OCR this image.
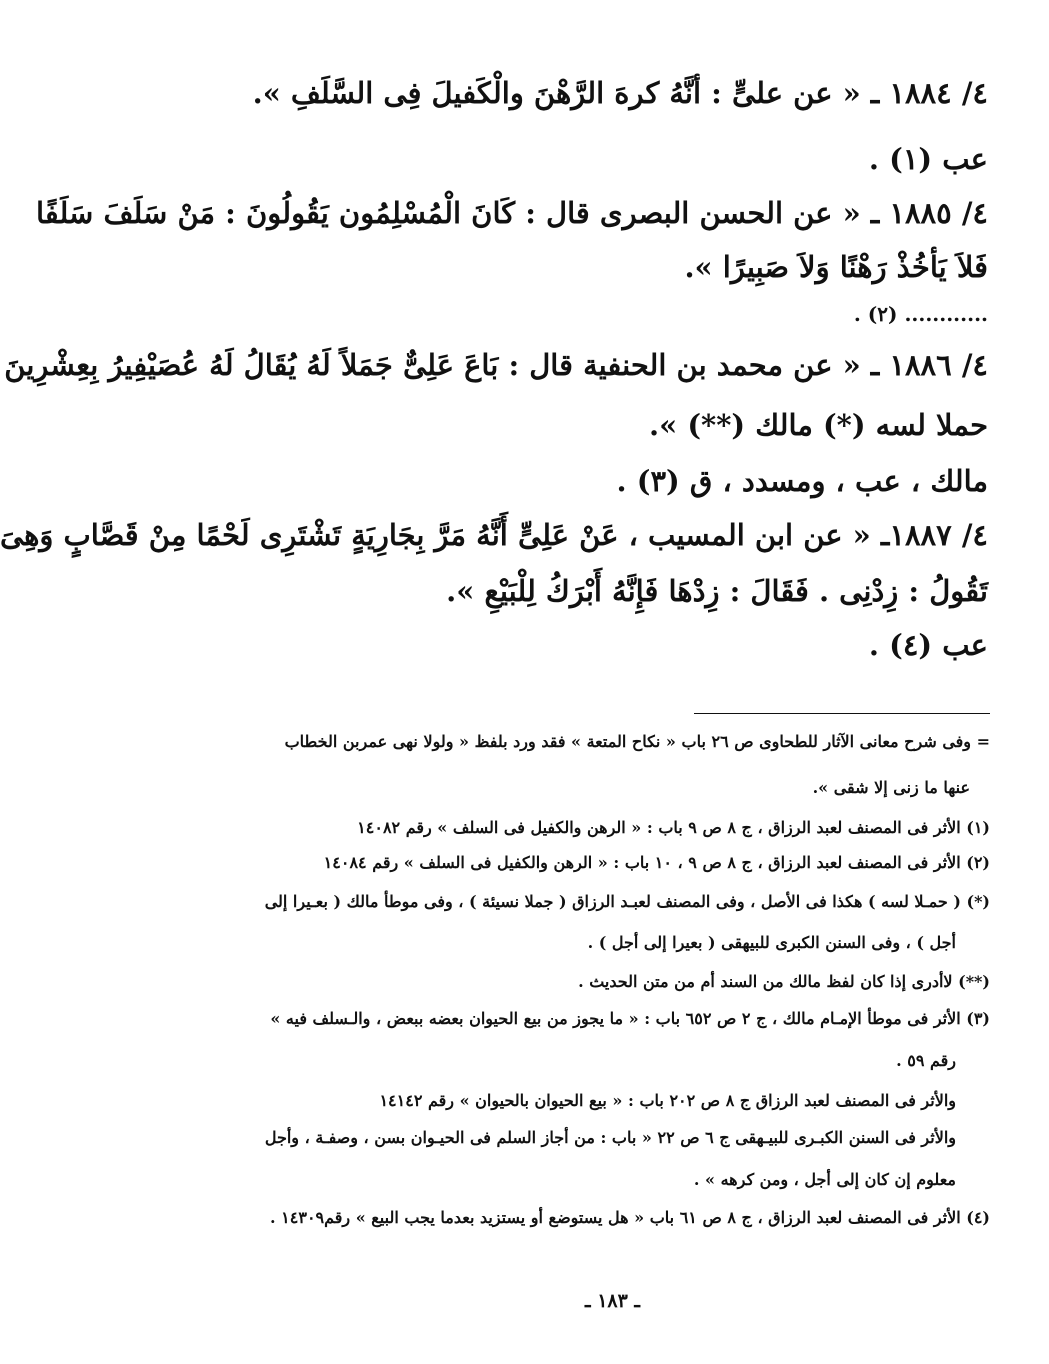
٤/ ١٨٨٤ ـ « عن علىٍّ : أنَّهُ كرهَ الرَّهْنَ والْكَفيلَ فِى السَّلَفِ ».

عب (١) .

٤/ ١٨٨٥ ـ « عن الحسن البصرى قال : كَانَ الْمُسْلِمُون يَقُولُونَ : مَنْ سَلَفَ سَلَفًا

فَلاَ يَأخُذْ رَهْنًا وَلاَ صَبِيرًا ».

............ (٢) .

٤/ ١٨٨٦ ـ « عن محمد بن الحنفية قال : بَاعَ عَلِىٌّ جَمَلاً لَهُ يُقَالُ لَهُ عُصَيْفِيرُ بِعِشْرِينَ

حملا لسه (*) مالك (**) ».

مالك ، عب ، ومسدد ، ق (٣) .

٤/ ١٨٨٧ـ « عن ابن المسيب ، عَنْ عَلِىٍّ أَنَّهُ مَرَّ بِجَارِيَةٍ تَشْتَرِى لَحْمًا مِنْ قَصَّابٍ وَهِىَ

تَقُولُ : زِدْنِى . فَقَالَ : زِدْهَا فَإِنَّهُ أَبْرَكُ لِلْبَيْعِ ».

عب (٤) .

= وفى شرح معانى الآثار للطحاوى ص ٢٦ باب « نكاح المتعة » فقد ورد بلفظ « ولولا نهى عمربن الخطاب

عنها ما زنى إلا شقى ».

(١) الأثر فى المصنف لعبد الرزاق ، ج ٨ ص ٩ باب : « الرهن والكفيل فى السلف » رقم ١٤٠٨٢

(٢) الأثر فى المصنف لعبد الرزاق ، ج ٨ ص ٩ ، ١٠ باب : « الرهن والكفيل فى السلف » رقم ١٤٠٨٤

(*) ( حمـلا لسه ) هكذا فى الأصل ، وفى المصنف لعبـد الرزاق ( جملا نسيئة ) ، وفى موطأ مالك ( بعـيرا إلى

أجل ) ، وفى السنن الكبرى للبيهقى ( بعيرا إلى أجل ) .

(**) لاأدرى إذا كان لفظ مالك من السند أم من متن الحديث .

(٣) الأثر فى موطأ الإمـام مالك ، ج ٢ ص ٦٥٢ باب : « ما يجوز من بيع الحيوان بعضه ببعض ، والـسلف فيه »

رقم ٥٩ .

والأثر فى المصنف لعبد الرزاق ج ٨ ص ٢٠٢ باب : « بيع الحيوان بالحيوان » رقم ١٤١٤٢

والأثر فى السنن الكبـرى للبيـهقى ج ٦ ص ٢٢ « باب : من أجاز السلم فى الحيـوان بسن ، وصفـة ، وأجل

معلوم إن كان إلى أجل ، ومن كرهه » .

(٤) الأثر فى المصنف لعبد الرزاق ، ج ٨ ص ٦١ باب « هل يستوضع أو يستزيد بعدما يجب البيع » رقم١٤٣٠٩ .

ـ ١٨٣ ـ
